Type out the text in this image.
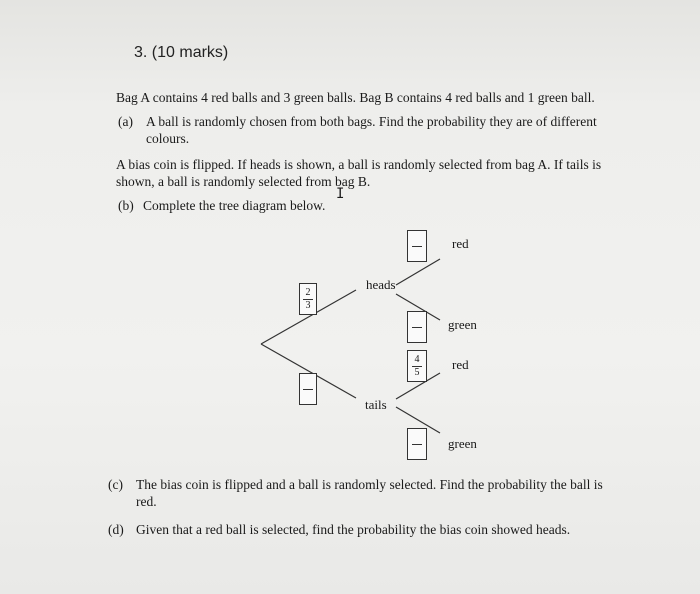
3. (10 marks)
Bag A contains 4 red balls and 3 green balls. Bag B contains 4 red balls and 1 green ball.
(a) A ball is randomly chosen from both bags. Find the probability they are of different
colours.
A bias coin is flipped. If heads is shown, a ball is randomly selected from bag A. If tails is
shown, a ball is randomly selected from bag B.
I
(b) Complete the tree diagram below.
2
3
4
5
heads
tails
red
green
red
green
(c) The bias coin is flipped and a ball is randomly selected. Find the probability the ball is
red.
(d) Given that a red ball is selected, find the probability the bias coin showed heads.
